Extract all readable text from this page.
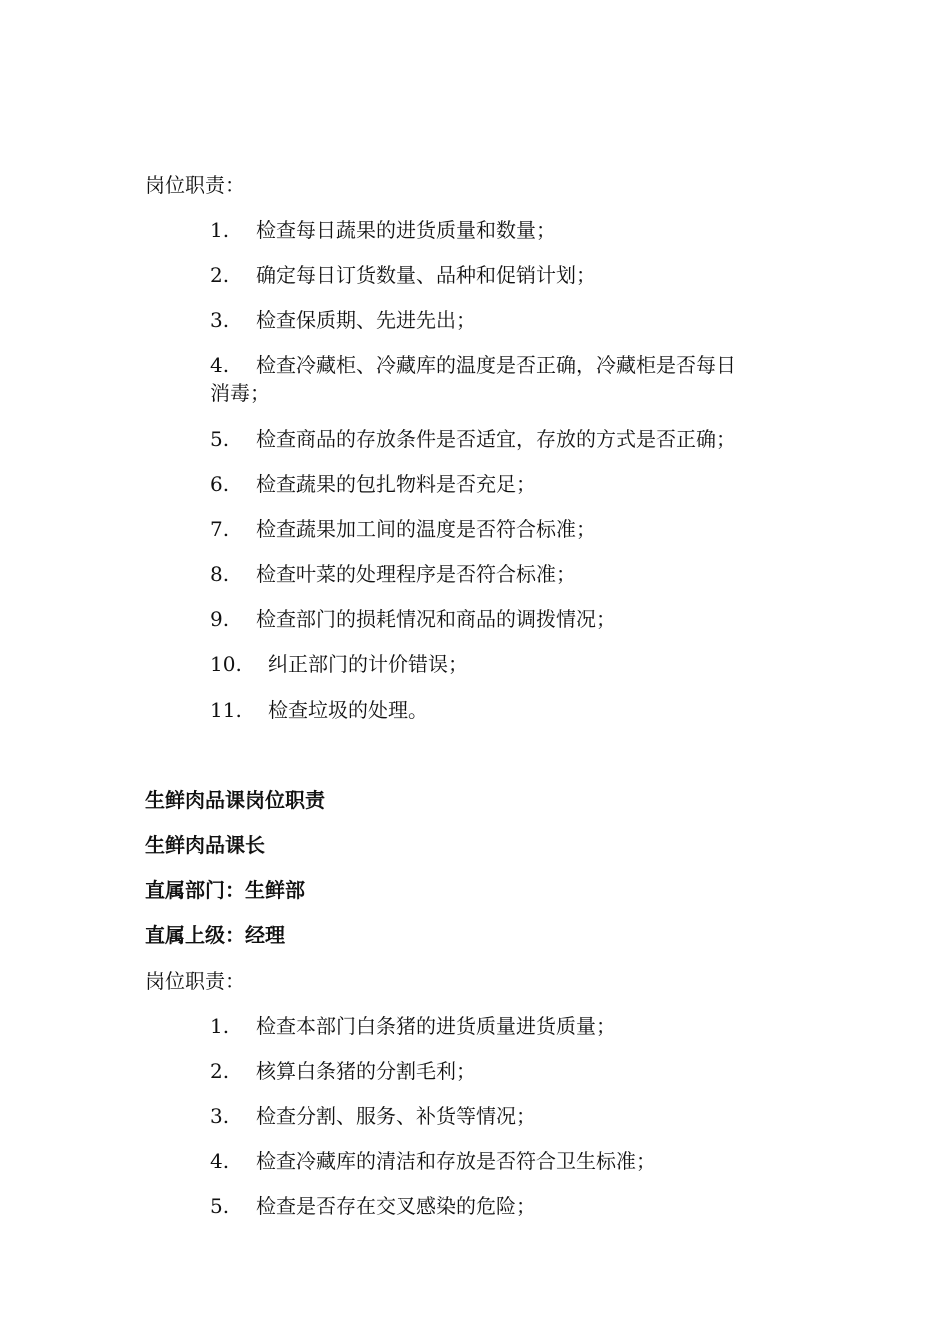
岗位职责：
1. 检查每日蔬果的进货质量和数量；
2. 确定每日订货数量、品种和促销计划；
3. 检查保质期、先进先出；
4. 检查冷藏柜、冷藏库的温度是否正确，冷藏柜是否每日
消毒；
5. 检查商品的存放条件是否适宜，存放的方式是否正确；
6. 检查蔬果的包扎物料是否充足；
7. 检查蔬果加工间的温度是否符合标准；
8. 检查叶菜的处理程序是否符合标准；
9. 检查部门的损耗情况和商品的调拨情况；
10. 纠正部门的计价错误；
11. 检查垃圾的处理。
生鲜肉品课岗位职责
生鲜肉品课长
直属部门：生鲜部
直属上级：经理
岗位职责：
1. 检查本部门白条猪的进货质量进货质量；
2. 核算白条猪的分割毛利；
3. 检查分割、服务、补货等情况；
4. 检查冷藏库的清洁和存放是否符合卫生标准；
5. 检查是否存在交叉感染的危险；
